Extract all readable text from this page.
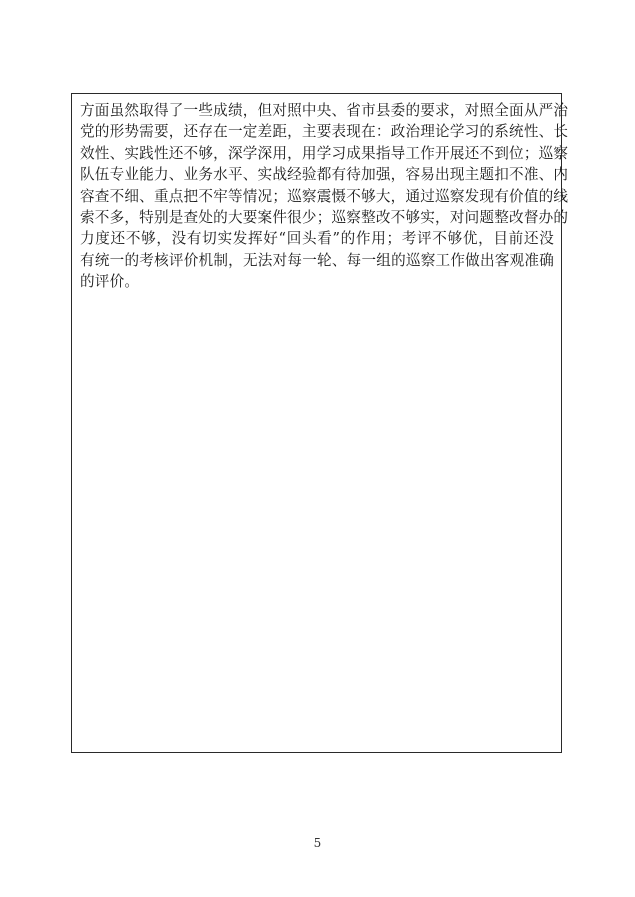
方面虽然取得了一些成绩，但对照中央、省市县委的要求，对照全面从严治
党的形势需要，还存在一定差距，主要表现在：政治理论学习的系统性、长
效性、实践性还不够，深学深用，用学习成果指导工作开展还不到位；巡察
队伍专业能力、业务水平、实战经验都有待加强，容易出现主题扣不准、内
容查不细、重点把不牢等情况；巡察震慑不够大，通过巡察发现有价值的线
索不多，特别是查处的大要案件很少；巡察整改不够实，对问题整改督办的
力度还不够，没有切实发挥好“回头看”的作用；考评不够优，目前还没
有统一的考核评价机制，无法对每一轮、每一组的巡察工作做出客观准确
的评价。

5
